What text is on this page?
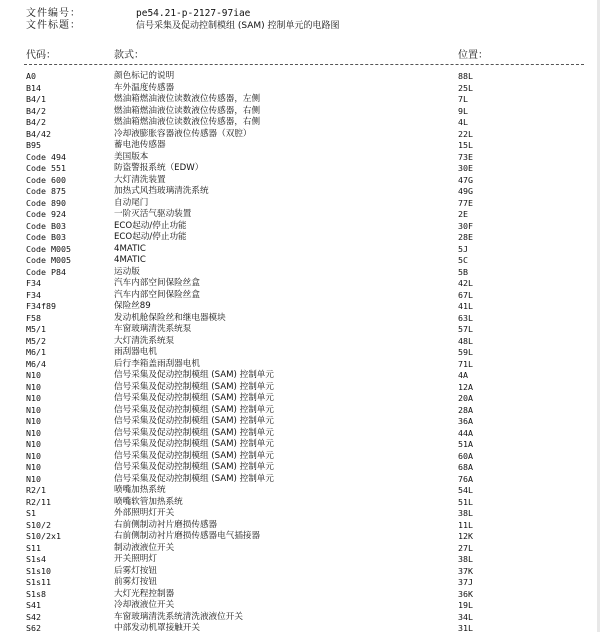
文件编号：	pe54.21-p-2127-97iae
文件标题：	信号采集及促动控制模组 (SAM) 控制单元的电路图
代码：	款式：	位置：
A0	颜色标记的说明	88L
B14	车外温度传感器	25L
B4/1	燃油箱燃油液位读数液位传感器，左侧	7L
B4/2	燃油箱燃油液位读数液位传感器，右侧	9L
B4/2	燃油箱燃油液位读数液位传感器，右侧	4L
B4/42	冷却液膨胀容器液位传感器（双腔）	22L
B95	蓄电池传感器	15L
Code 494	美国版本	73E
Code 551	防盗警报系统（EDW）	30E
Code 600	大灯清洗装置	47G
Code 875	加热式风挡玻璃清洗系统	49G
Code 890	自动尾门	77E
Code 924	一阶灭活气驱动装置	2E
Code B03	ECO起动/停止功能	30F
Code B03	ECO起动/停止功能	28E
Code M005	4MATIC	5J
Code M005	4MATIC	5C
Code P84	运动版	5B
F34	汽车内部空间保险丝盒	42L
F34	汽车内部空间保险丝盒	67L
F34f89	保险丝89	41L
F58	发动机舱保险丝和继电器模块	63L
M5/1	车窗玻璃清洗系统泵	57L
M5/2	大灯清洗系统泵	48L
M6/1	雨刮器电机	59L
M6/4	后行李箱盖雨刮器电机	71L
N10	信号采集及促动控制模组 (SAM) 控制单元	4A
N10	信号采集及促动控制模组 (SAM) 控制单元	12A
N10	信号采集及促动控制模组 (SAM) 控制单元	20A
N10	信号采集及促动控制模组 (SAM) 控制单元	28A
N10	信号采集及促动控制模组 (SAM) 控制单元	36A
N10	信号采集及促动控制模组 (SAM) 控制单元	44A
N10	信号采集及促动控制模组 (SAM) 控制单元	51A
N10	信号采集及促动控制模组 (SAM) 控制单元	60A
N10	信号采集及促动控制模组 (SAM) 控制单元	68A
N10	信号采集及促动控制模组 (SAM) 控制单元	76A
R2/1	喷嘴加热系统	54L
R2/11	喷嘴软管加热系统	51L
S1	外部照明灯开关	38L
S10/2	右前侧制动衬片磨损传感器	11L
S10/2x1	右前侧制动衬片磨损传感器电气插接器	12K
S11	制动液液位开关	27L
S1s4	开关照明灯	38L
S1s10	后雾灯按钮	37K
S1s11	前雾灯按钮	37J
S1s8	大灯光程控制器	36K
S41	冷却液液位开关	19L
S42	车窗玻璃清洗系统清洗液液位开关	34L
S62	中部发动机罩接触开关	31L
